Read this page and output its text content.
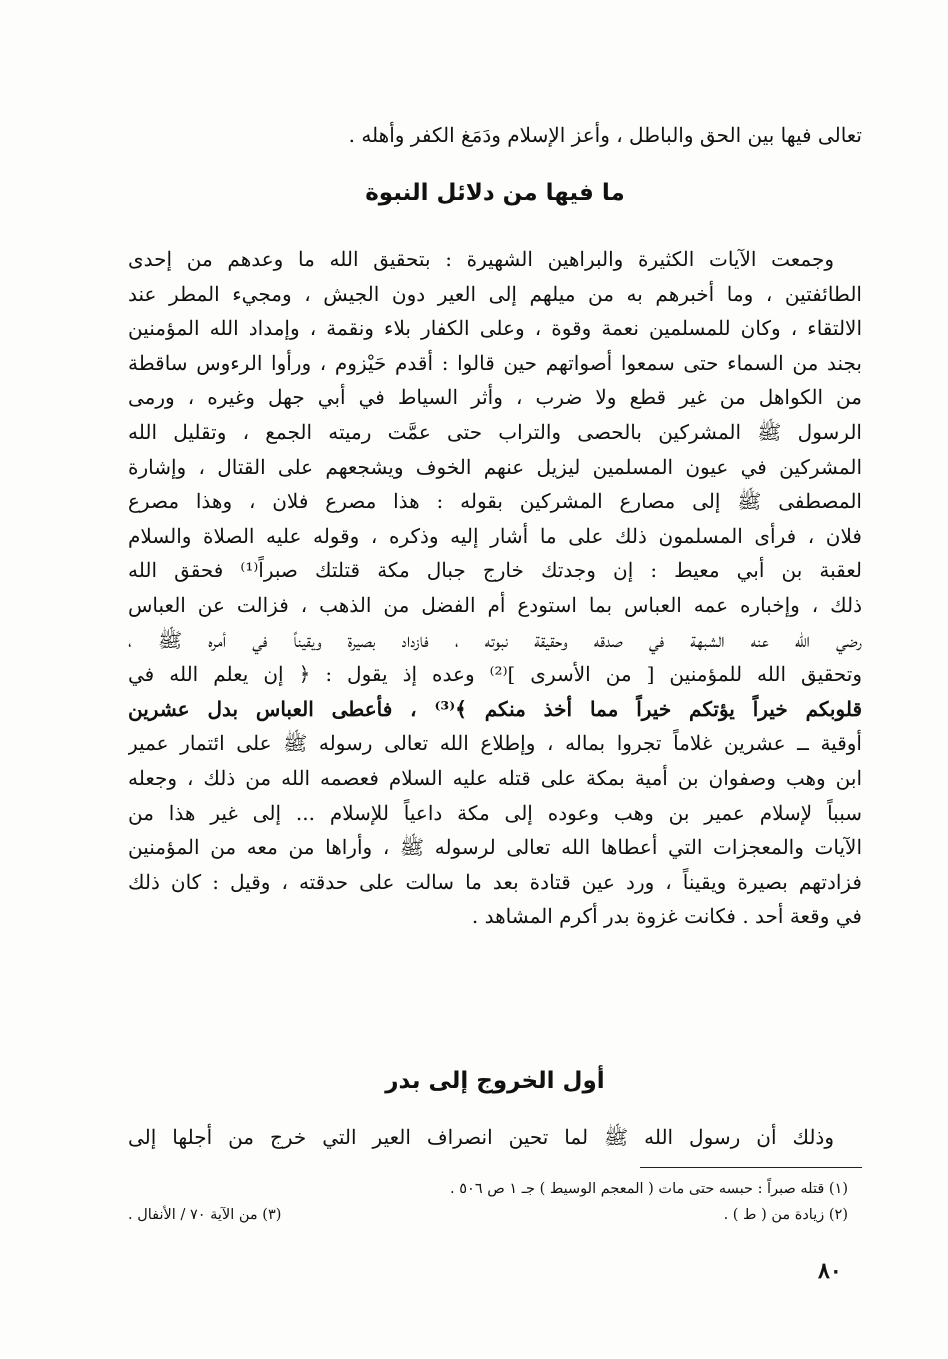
تعالى فيها بين الحق والباطل ، وأعز الإسلام ودَمَغ الكفر وأهله .
ما فيها من دلائل النبوة
وجمعت الآيات الكثيرة والبراهين الشهيرة : بتحقيق الله ما وعدهم من إحدى
الطائفتين ، وما أخبرهم به من ميلهم إلى العير دون الجيش ، ومجيء المطر عند
الالتقاء ، وكان للمسلمين نعمة وقوة ، وعلى الكفار بلاء ونقمة ، وإمداد الله المؤمنين
بجند من السماء حتى سمعوا أصواتهم حين قالوا : أقدم حَيْزوم ، ورأوا الرءوس ساقطة
من الكواهل من غير قطع ولا ضرب ، وأثر السياط في أبي جهل وغيره ، ورمى
الرسول ﷺ المشركين بالحصى والتراب حتى عمَّت رميته الجمع ، وتقليل الله
المشركين في عيون المسلمين ليزيل عنهم الخوف ويشجعهم على القتال ، وإشارة
المصطفى ﷺ إلى مصارع المشركين بقوله : هذا مصرع فلان ، وهذا مصرع
فلان ، فرأى المسلمون ذلك على ما أشار إليه وذكره ، وقوله عليه الصلاة والسلام
لعقبة بن أبي معيط : إن وجدتك خارج جبال مكة قتلتك صبراً⁽¹⁾ فحقق الله
ذلك ، وإخباره عمه العباس بما استودع أم الفضل من الذهب ، فزالت عن العباس
رضي الله عنه الشبهة في صدقه وحقيقة نبوته ، فازداد بصيرة ويقيناً في أمره ﷺ ،
وتحقيق الله للمؤمنين [ من الأسرى ]⁽²⁾ وعده إذ يقول : ﴿ إن يعلم الله في
قلوبكم خيراً يؤتكم خيراً مما أخذ منكم ﴾⁽³⁾ ، فأعطى العباس بدل عشرين
أوقية ــ عشرين غلاماً تجروا بماله ، وإطلاع الله تعالى رسوله ﷺ على ائتمار عمير
ابن وهب وصفوان بن أمية بمكة على قتله عليه السلام فعصمه الله من ذلك ، وجعله
سبباً لإسلام عمير بن وهب وعوده إلى مكة داعياً للإسلام ... إلى غير هذا من
الآيات والمعجزات التي أعطاها الله تعالى لرسوله ﷺ ، وأراها من معه من المؤمنين
فزادتهم بصيرة ويقيناً ، ورد عين قتادة بعد ما سالت على حدقته ، وقيل : كان ذلك
في وقعة أحد . فكانت غزوة بدر أكرم المشاهد .
أول الخروج إلى بدر
وذلك أن رسول الله ﷺ لما تحين انصراف العير التي خرج من أجلها إلى
(١) قتله صبراً : حبسه حتى مات ( المعجم الوسيط ) جـ ١ ص ٥٠٦ .
(٢) زيادة من ( ط ) .
(٣) من الآية ٧٠ / الأنفال .
٨٠
